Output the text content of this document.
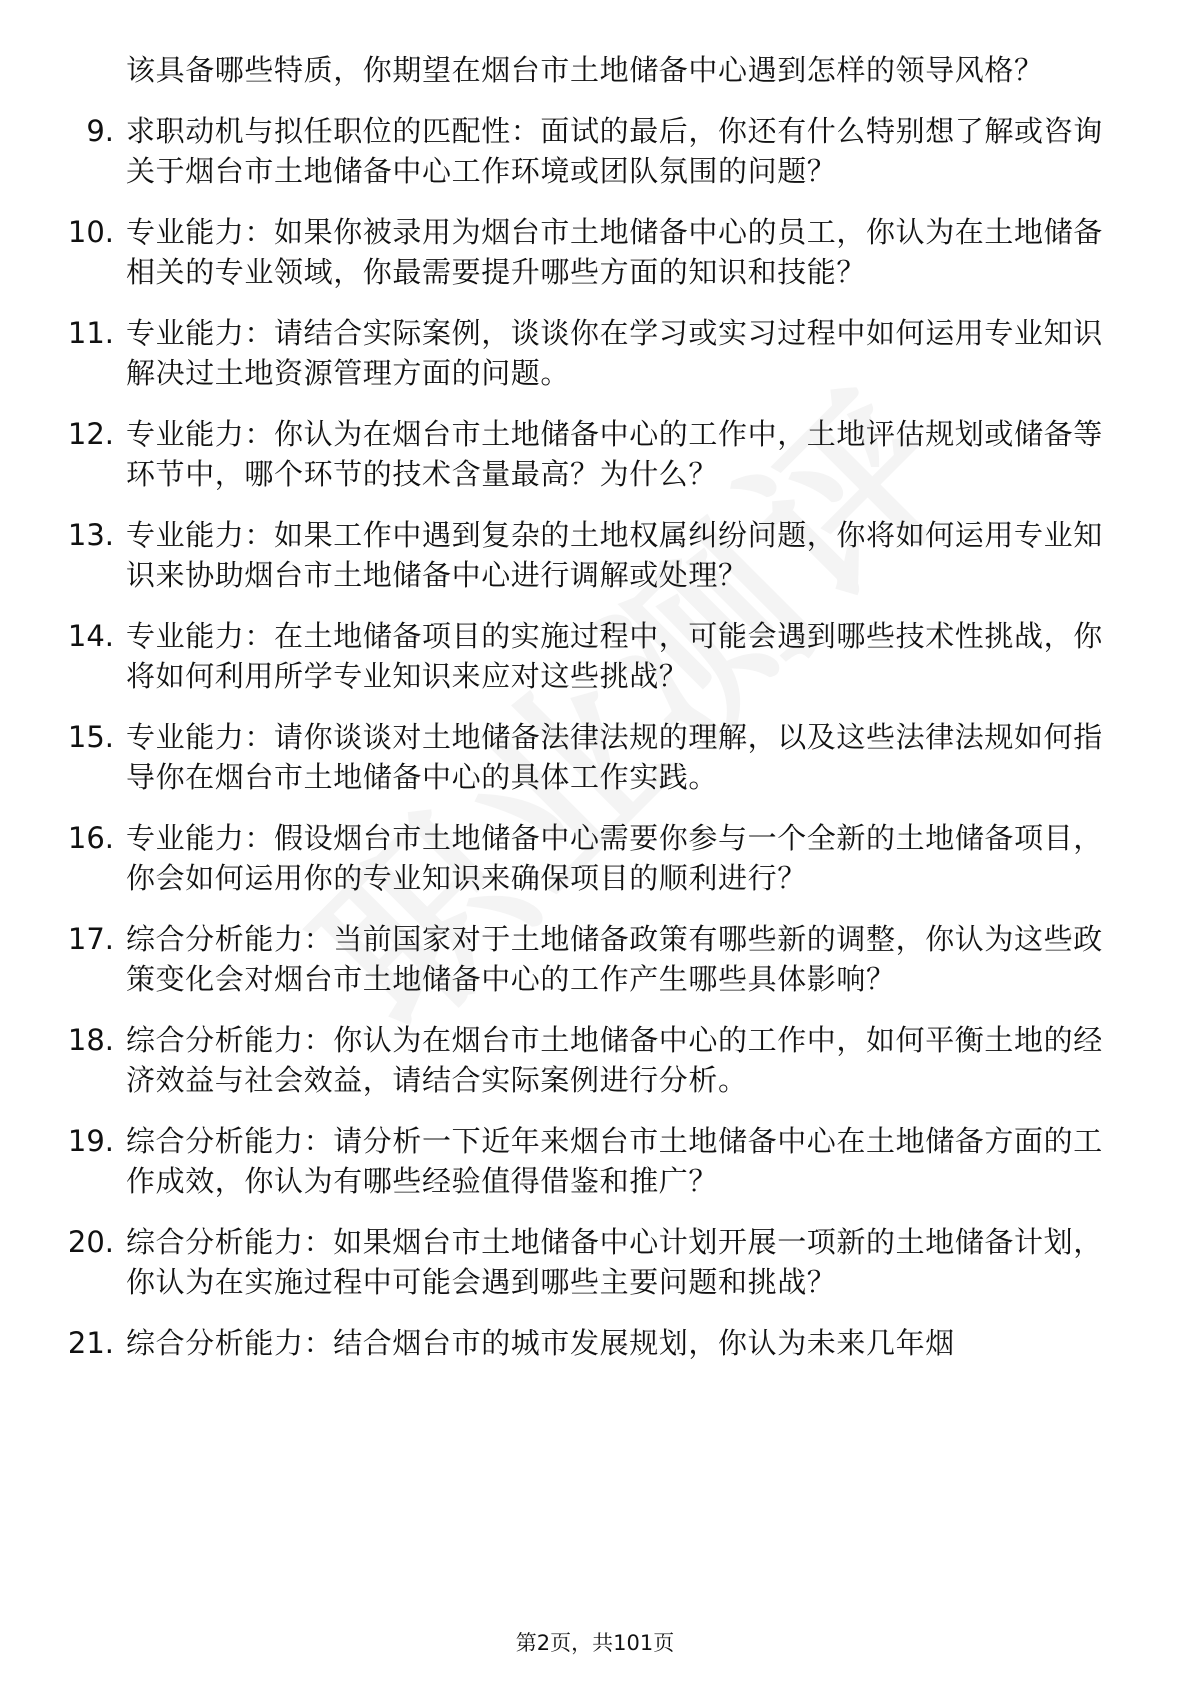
该具备哪些特质，你期望在烟台市土地储备中心遇到怎样的领导风格？
9. 求职动机与拟任职位的匹配性：面试的最后，你还有什么特别想了解或咨询关于烟台市土地储备中心工作环境或团队氛围的问题？
10. 专业能力：如果你被录用为烟台市土地储备中心的员工，你认为在土地储备相关的专业领域，你最需要提升哪些方面的知识和技能？
11. 专业能力：请结合实际案例，谈谈你在学习或实习过程中如何运用专业知识解决过土地资源管理方面的问题。
12. 专业能力：你认为在烟台市土地储备中心的工作中，土地评估规划或储备等环节中，哪个环节的技术含量最高？为什么？
13. 专业能力：如果工作中遇到复杂的土地权属纠纷问题，你将如何运用专业知识来协助烟台市土地储备中心进行调解或处理？
14. 专业能力：在土地储备项目的实施过程中，可能会遇到哪些技术性挑战，你将如何利用所学专业知识来应对这些挑战？
15. 专业能力：请你谈谈对土地储备法律法规的理解，以及这些法律法规如何指导你在烟台市土地储备中心的具体工作实践。
16. 专业能力：假设烟台市土地储备中心需要你参与一个全新的土地储备项目，你会如何运用你的专业知识来确保项目的顺利进行？
17. 综合分析能力：当前国家对于土地储备政策有哪些新的调整，你认为这些政策变化会对烟台市土地储备中心的工作产生哪些具体影响？
18. 综合分析能力：你认为在烟台市土地储备中心的工作中，如何平衡土地的经济效益与社会效益，请结合实际案例进行分析。
19. 综合分析能力：请分析一下近年来烟台市土地储备中心在土地储备方面的工作成效，你认为有哪些经验值得借鉴和推广？
20. 综合分析能力：如果烟台市土地储备中心计划开展一项新的土地储备计划，你认为在实施过程中可能会遇到哪些主要问题和挑战？
21. 综合分析能力：结合烟台市的城市发展规划，你认为未来几年烟
第2页，共101页
